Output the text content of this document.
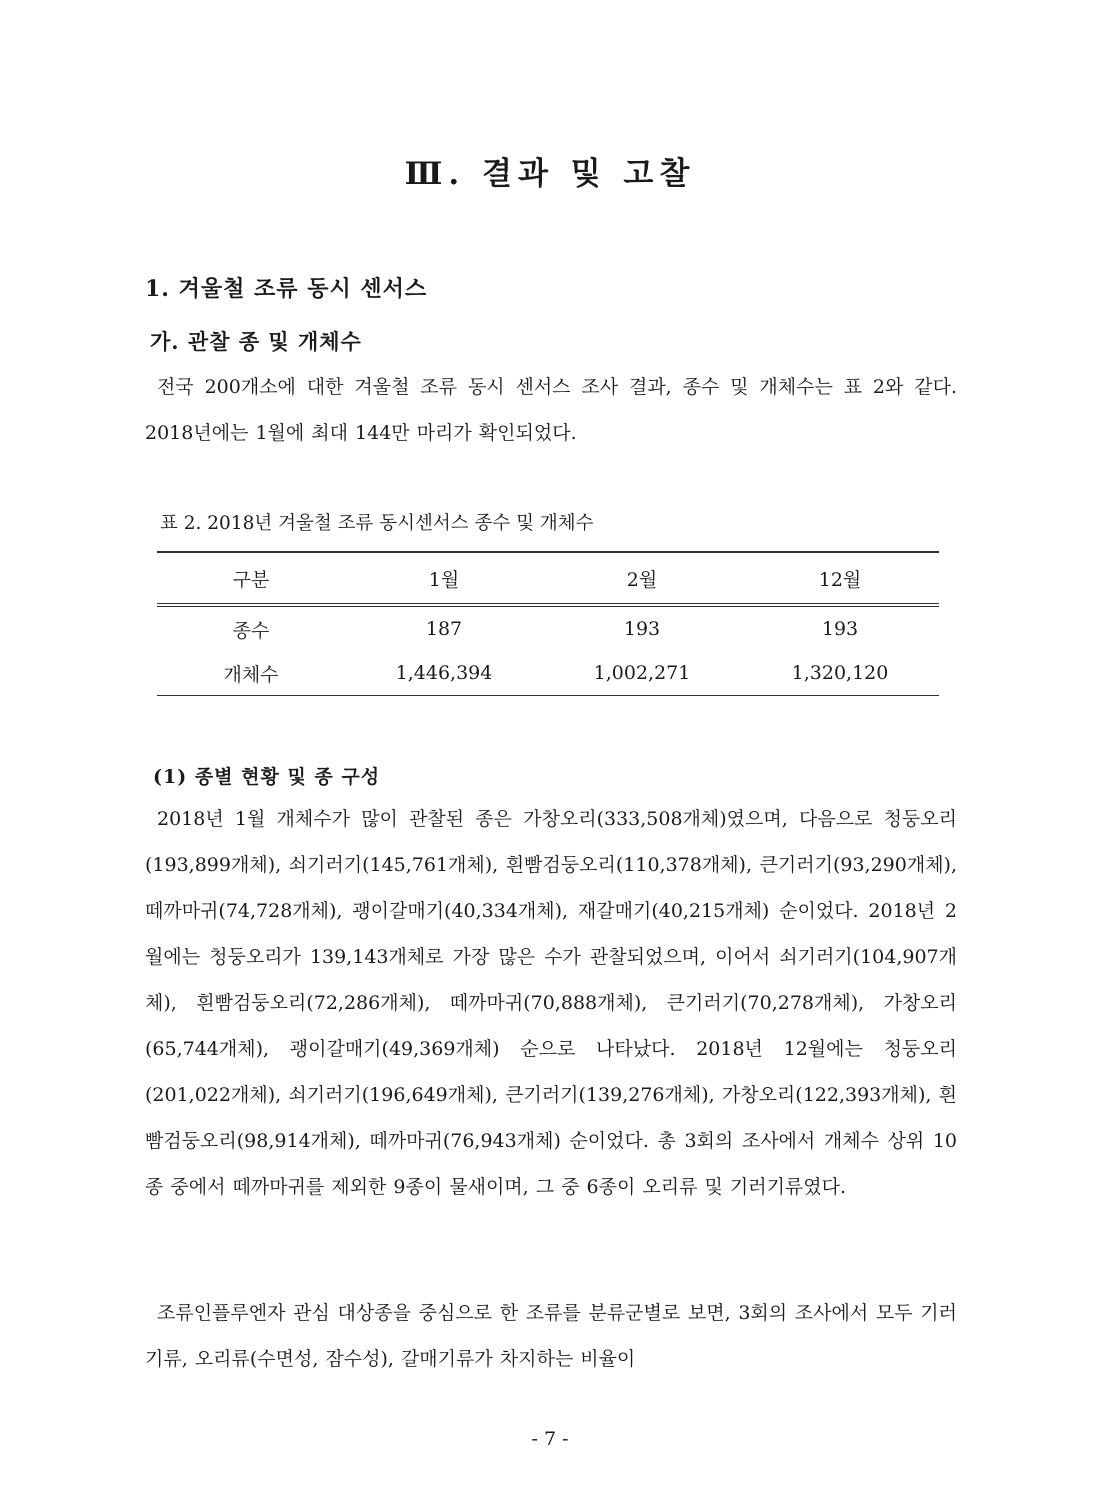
Ⅲ. 결과 및 고찰
1. 겨울철 조류 동시 센서스
가. 관찰 종 및 개체수

전국 200개소에 대한 겨울철 조류 동시 센서스 조사 결과, 종수 및 개체수는 표 2와 같다. 2018년에는 1월에 최대 144만 마리가 확인되었다.

표 2. 2018년 겨울철 조류 동시센서스 종수 및 개체수

구분	1월	2월	12월
종수	187	193	193
개체수	1,446,394	1,002,271	1,320,120
(1) 종별 현황 및 종 구성

2018년 1월 개체수가 많이 관찰된 종은 가창오리(333,508개체)였으며, 다음으로 청둥오리(193,899개체), 쇠기러기(145,761개체), 흰빰검둥오리(110,378개체), 큰기러기(93,290개체), 떼까마귀(74,728개체), 괭이갈매기(40,334개체), 재갈매기(40,215개체) 순이었다. 2018년 2월에는 청둥오리가 139,143개체로 가장 많은 수가 관찰되었으며, 이어서 쇠기러기(104,907개체), 흰빰검둥오리(72,286개체), 떼까마귀(70,888개체), 큰기러기(70,278개체), 가창오리(65,744개체), 괭이갈매기(49,369개체) 순으로 나타났다. 2018년 12월에는 청둥오리(201,022개체), 쇠기러기(196,649개체), 큰기러기(139,276개체), 가창오리(122,393개체), 흰빰검둥오리(98,914개체), 떼까마귀(76,943개체) 순이었다. 총 3회의 조사에서 개체수 상위 10종 중에서 떼까마귀를 제외한 9종이 물새이며, 그 중 6종이 오리류 및 기러기류였다.

조류인플루엔자 관심 대상종을 중심으로 한 조류를 분류군별로 보면, 3회의 조사에서 모두 기러기류, 오리류(수면성, 잠수성), 갈매기류가 차지하는 비율이

- 7 -
